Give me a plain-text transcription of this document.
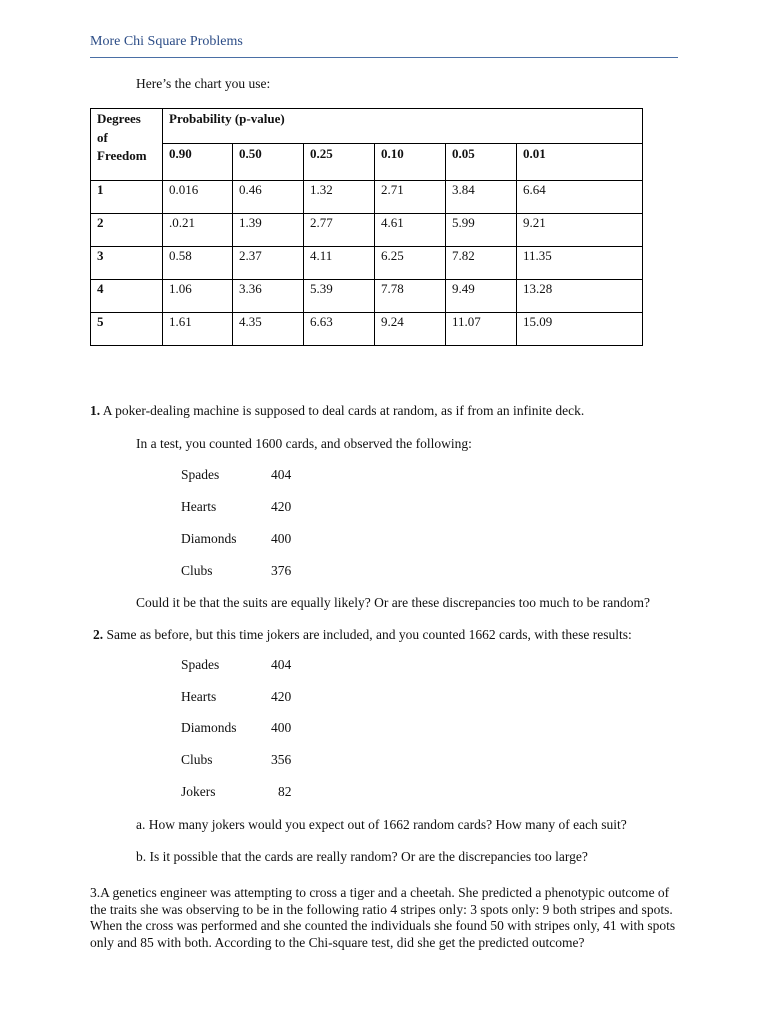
More Chi Square Problems
Here’s the chart you use:
Degrees
of
Freedom	Probability (p-value)					
	0.90	0.50	0.25	0.10	0.05	0.01
1	0.016	0.46	1.32	2.71	3.84	6.64
2	.0.21	1.39	2.77	4.61	5.99	9.21
3	0.58	2.37	4.11	6.25	7.82	11.35
4	1.06	3.36	5.39	7.78	9.49	13.28
5	1.61	4.35	6.63	9.24	11.07	15.09
1. A poker-dealing machine is supposed to deal cards at random, as if from an infinite deck.
In a test, you counted 1600 cards, and observed the following:
Spades	404
Hearts	420
Diamonds	400
Clubs	376
Could it be that the suits are equally likely? Or are these discrepancies too much to be random?
2. Same as before, but this time jokers are included, and you counted 1662 cards, with these results:
Spades	404
Hearts	420
Diamonds	400
Clubs	356
Jokers	82
a. How many jokers would you expect out of 1662 random cards? How many of each suit?
b. Is it possible that the cards are really random? Or are the discrepancies too large?
3.A genetics engineer was attempting to cross a tiger and a cheetah. She predicted a phenotypic outcome of the traits she was observing to be in the following ratio 4 stripes only: 3 spots only: 9 both stripes and spots. When the cross was performed and she counted the individuals she found 50 with stripes only, 41 with spots only and 85 with both. According to the Chi-square test, did she get the predicted outcome?
